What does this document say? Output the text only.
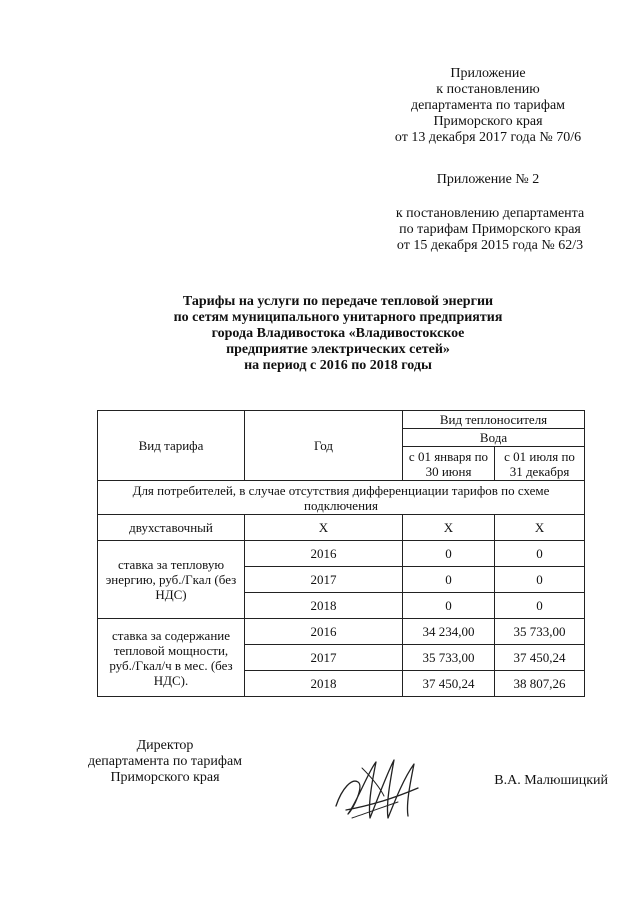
Приложение
к постановлению
департамента по тарифам
Приморского края
от 13 декабря 2017 года № 70/6
Приложение № 2
к постановлению департамента
по тарифам Приморского края
от 15 декабря 2015 года № 62/3
Тарифы на услуги по передаче тепловой энергии
по сетям муниципального унитарного предприятия
города Владивостока «Владивостокское
предприятие электрических сетей»
на период с 2016 по 2018 годы
Вид тарифа	Год	Вид теплоносителя	
		Вода	
		с 01 января по 30 июня	с 01 июля по 31 декабря
Для потребителей, в случае отсутствия дифференциации тарифов по схеме подключения			
двухставочный	Х	Х	Х
ставка за тепловую энергию, руб./Гкал (без НДС)	2016	0	0
	2017	0	0
	2018	0	0
ставка за содержание тепловой мощности, руб./Гкал/ч в мес. (без НДС).	2016	34 234,00	35 733,00
	2017	35 733,00	37 450,24
	2018	37 450,24	38 807,26
Директор
департамента по тарифам
Приморского края	В.А. Малюшицкий
